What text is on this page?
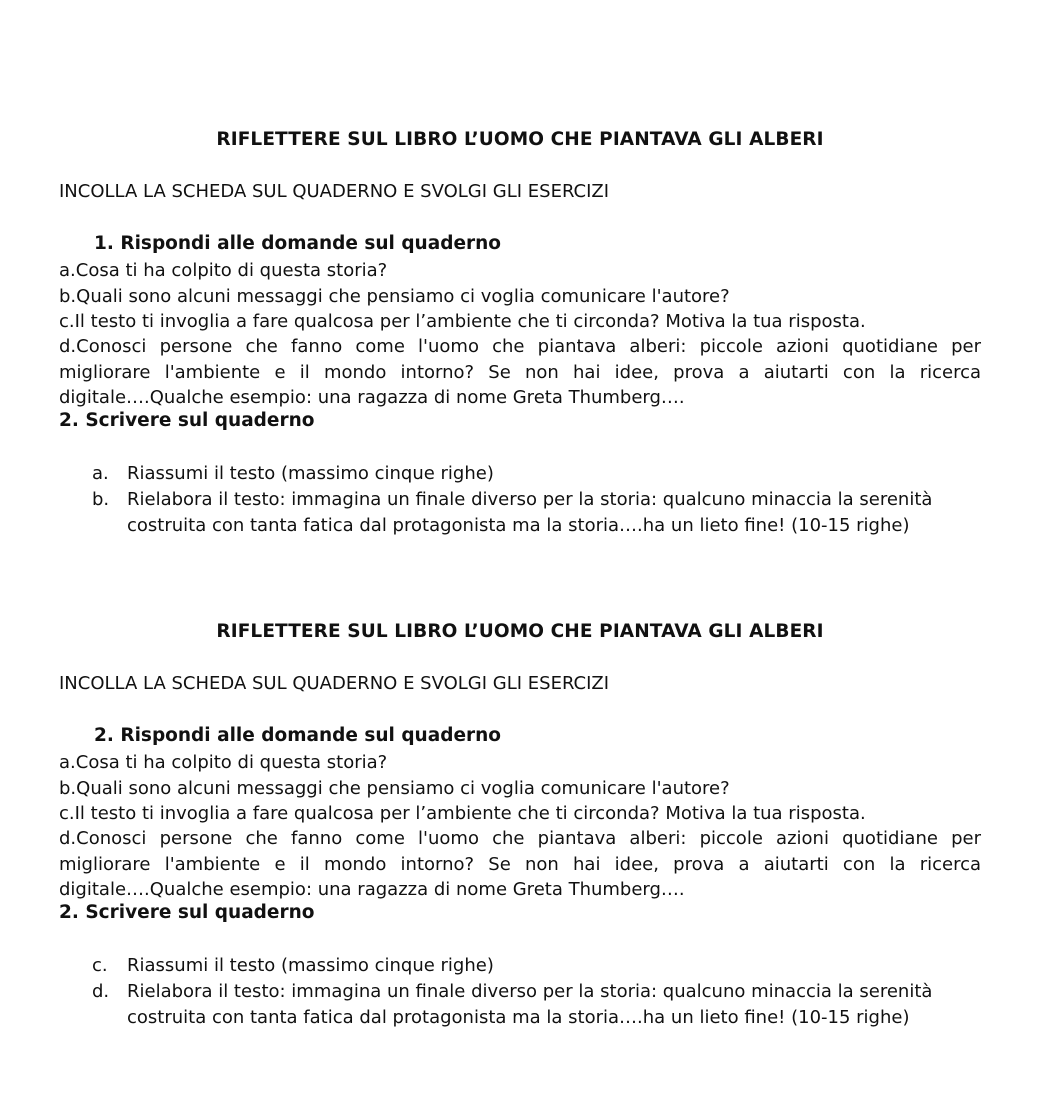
RIFLETTERE SUL LIBRO L’UOMO CHE PIANTAVA GLI ALBERI
INCOLLA LA SCHEDA SUL QUADERNO E SVOLGI GLI ESERCIZI
1. Rispondi alle domande sul quaderno
a.Cosa ti ha colpito di questa storia?
b.Quali sono alcuni messaggi che pensiamo ci voglia comunicare l'autore?
c.Il testo ti invoglia a fare qualcosa per l’ambiente che ti circonda? Motiva la tua risposta.
d.Conosci persone che fanno come l'uomo che piantava alberi: piccole azioni quotidiane per migliorare l'ambiente e il mondo intorno? Se non hai idee, prova a aiutarti con la ricerca digitale….Qualche esempio: una ragazza di nome Greta Thumberg….
2. Scrivere sul quaderno
a.	Riassumi il testo (massimo cinque righe)
b. Rielabora il testo: immagina un finale diverso per la storia: qualcuno minaccia la serenità costruita con tanta fatica dal protagonista ma la storia….ha un lieto fine! (10-15 righe)
RIFLETTERE SUL LIBRO L’UOMO CHE PIANTAVA GLI ALBERI
INCOLLA LA SCHEDA SUL QUADERNO E SVOLGI GLI ESERCIZI
2. Rispondi alle domande sul quaderno
a.Cosa ti ha colpito di questa storia?
b.Quali sono alcuni messaggi che pensiamo ci voglia comunicare l'autore?
c.Il testo ti invoglia a fare qualcosa per l’ambiente che ti circonda? Motiva la tua risposta.
d.Conosci persone che fanno come l'uomo che piantava alberi: piccole azioni quotidiane per migliorare l'ambiente e il mondo intorno? Se non hai idee, prova a aiutarti con la ricerca digitale….Qualche esempio: una ragazza di nome Greta Thumberg….
2. Scrivere sul quaderno
c.	Riassumi il testo (massimo cinque righe)
d. Rielabora il testo: immagina un finale diverso per la storia: qualcuno minaccia la serenità costruita con tanta fatica dal protagonista ma la storia….ha un lieto fine! (10-15 righe)
